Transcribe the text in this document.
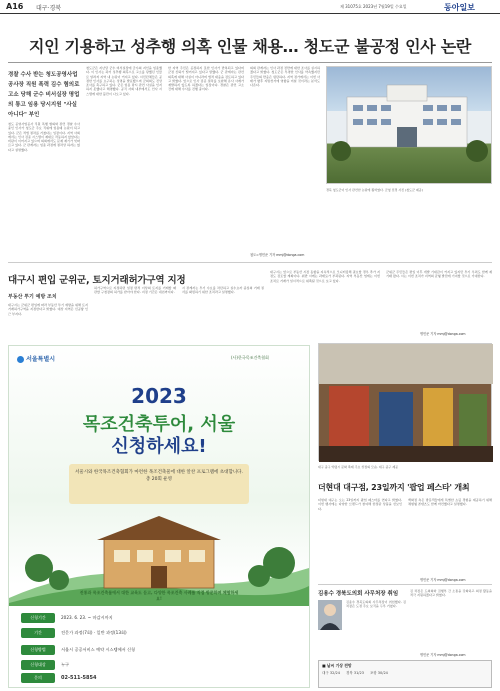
A16 대구·경북	제 31075호 2023년 7월19일 수요일	동아일보
지인 기용하고 성추행 의혹 인물 채용… 청도군 불공정 인사 논란
경찰 수사 받는 청도공영사업공사장 직원 폭력 김수 혐의로 고소 당해 군수 비서실장 명업의 통고 임용 당시지원 "사실 아니다" 부인
청도 공영사업공사 직원 폭행 혐의와 관련 경찰 수사 중인 인사가 청도군 주요 직위에 임용돼 논란이 되고 있다. 군은 적법 절차를 거쳤다는 입장이다. 지역 사회에서는 인사 검증 시스템이 제대로 작동하지 않았다는 비판이 이어지고 있으며 의회에서도 문제 제기가 잇따르고 있다. 군 관계자는 임용 과정에 절차상 하자는 없다고 설명했다.
청도군은 지난달 군수 비서실장에 군수의 지인을 임용했다. 이 인사는 과거 성추행 의혹으로 고소를 당했던 인물로 알려져 지역 내 논란이 커지고 있다. 시민단체들은 공정한 인사를 요구하는 성명을 발표했으며 군의회도 진상 조사를 촉구하고 있다. 군은 임용 당시 관련 사실을 인지하지 못했다고 해명했다. 공직 사회 내부에서도 인사 시스템에 대한 불만이 나오고 있다.
한 지역 주민은 공정하지 못한 인사가 반복되고 있다며 군정 신뢰가 떨어지고 있다고 말했다. 군 관계자는 관련 의혹에 대해 사실이 아니라며 법적 대응을 검토하고 있다고 밝혔다. 앞으로 인사 검증 절차를 보완해 유사 사례가 재발하지 않도록 하겠다는 입장이다. 경찰은 관련 고소 건에 대해 수사를 진행 중이다.
의회 관계자는 인사 과정 전반에 대한 조사를 실시하겠다고 밝혔다. 청도군은 투명한 인사를 약속했지만 주민들의 반응은 냉담하다. 지역 정가에서는 이번 사태가 향후 지방선거에 영향을 미칠 것이라는 분석도 나온다.
청도=명민준 기자 mmj@donga.com
경북 청도군이 인사 관련한 논란에 휩싸였다. 군청 전경 사진 (청도군 제공)
대구시 편입 군위군, 토지거래허가구역 지정
부동산 투기 예방 조치
대구시는 군위군 편입에 따라 부동산 투기 예방을 위해 토지거래허가구역을 지정한다고 밝혔다. 대상 지역은 신공항 인근 부지다.
허가구역으로 지정되면 일정 면적 이상의 토지를 거래할 때 관할 구청장의 허가를 받아야 한다. 지정 기간은 내년까지다.
시 관계자는 투기 수요를 차단하고 실수요자 중심의 거래 질서를 확립하기 위한 조치라고 설명했다.
대구시는 앞으로 부동산 시장 동향을 지속적으로 모니터링해 필요할 경우 추가 지정도 검토할 계획이다. 위반 시에는 과태료가 부과된다. 지역 부동산 업계는 이번 조치로 거래가 일시적으로 위축될 것으로 보고 있다.
군위군 주민들은 편입 이후 개발 기대감이 커지고 있지만 투기 우려도 함께 제기돼 왔다. 시는 이번 조치가 지역의 균형 발전에 기여할 것으로 기대한다.
명민준 기자 mmj@donga.com
서울특별시	(사)한국목조건축협회
2023
목조건축투어, 서울
신청하세요!
서울시와 한국목조건축협회가 마련한 목조건축물에 대한 알찬 프로그램에 초대합니다. 총 20회 운영
전통과 목조건축물에서 대한 교육도 듣고, 다양한 목조건축 사례를 직접 방문하며 체험하세요!
신청기간	2023. 6. 23. ~ 마감시까지
기간	전문가 과정(7회) · 일반 과정(13회)
신청방법	서울시 공공서비스 예약 시스템에서 신청
신청대상	누구
문의	02-511-5854
대구 중구 약령시 문화 축제 주요 상점의 모습. 대구 중구 제공
더현대 대구점, 23일까지 '팝업 페스타' 개최
더현대 대구는 오는 23일까지 팝업 페스타를 연다고 밝혔다. 이번 행사에는 다양한 브랜드가 참여해 한정판 상품을 선보인다.
백화점 측은 방문객들에게 특별한 쇼핑 경험을 제공하기 위해 체험형 콘텐츠도 함께 마련했다고 설명했다.
명민준 기자 mmj@donga.com
김용수 경북도의회 사무처장 취임
김용수 경북도의회 사무처장이 취임했다. 김 처장은 도정 주요 보직을 두루 거쳤다.
김 처장은 도의회와 집행부 간 소통을 강화하고 의정 활동을 적극 지원하겠다고 밝혔다.
명민준 기자 mmj@donga.com
■ 날씨 기상 전망
대구 32/24 경북 31/23 포항 30/24
